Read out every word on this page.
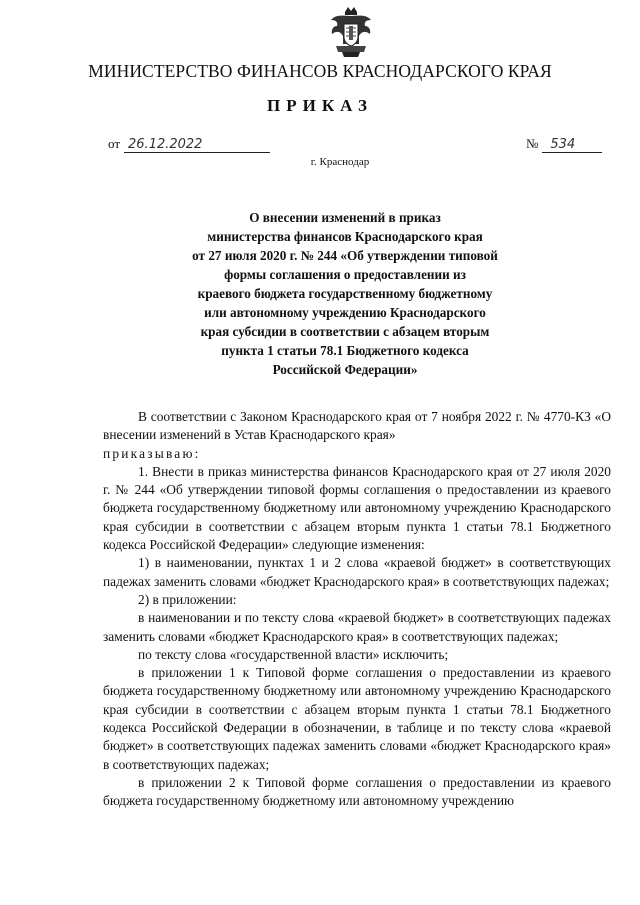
МИНИСТЕРСТВО ФИНАНСОВ КРАСНОДАРСКОГО КРАЯ
ПРИКАЗ
от 26.12.2022	№ 534
г. Краснодар
О внесении изменений в приказ
министерства финансов Краснодарского края
от 27 июля 2020 г. № 244 «Об утверждении типовой
формы соглашения о предоставлении из
краевого бюджета государственному бюджетному
или автономному учреждению Краснодарского
края субсидии в соответствии с абзацем вторым
пункта 1 статьи 78.1 Бюджетного кодекса
Российской Федерации»

В соответствии с Законом Краснодарского края от 7 ноября 2022 г. № 4770-КЗ «О внесении изменений в Устав Краснодарского края»

приказываю:

1. Внести в приказ министерства финансов Краснодарского края от 27 июля 2020 г. № 244 «Об утверждении типовой формы соглашения о предоставлении из краевого бюджета государственному бюджетному или автономному учреждению Краснодарского края субсидии в соответствии с абзацем вторым пункта 1 статьи 78.1 Бюджетного кодекса Российской Федерации» следующие изменения:

1) в наименовании, пунктах 1 и 2 слова «краевой бюджет» в соответствующих падежах заменить словами «бюджет Краснодарского края» в соответствующих падежах;

2) в приложении:

в наименовании и по тексту слова «краевой бюджет» в соответствующих падежах заменить словами «бюджет Краснодарского края» в соответствующих падежах;

по тексту слова «государственной власти» исключить;

в приложении 1 к Типовой форме соглашения о предоставлении из краевого бюджета государственному бюджетному или автономному учреждению Краснодарского края субсидии в соответствии с абзацем вторым пункта 1 статьи 78.1 Бюджетного кодекса Российской Федерации в обозначении, в таблице и по тексту слова «краевой бюджет» в соответствующих падежах заменить словами «бюджет Краснодарского края» в соответствующих падежах;

в приложении 2 к Типовой форме соглашения о предоставлении из краевого бюджета государственному бюджетному или автономному учреждению
